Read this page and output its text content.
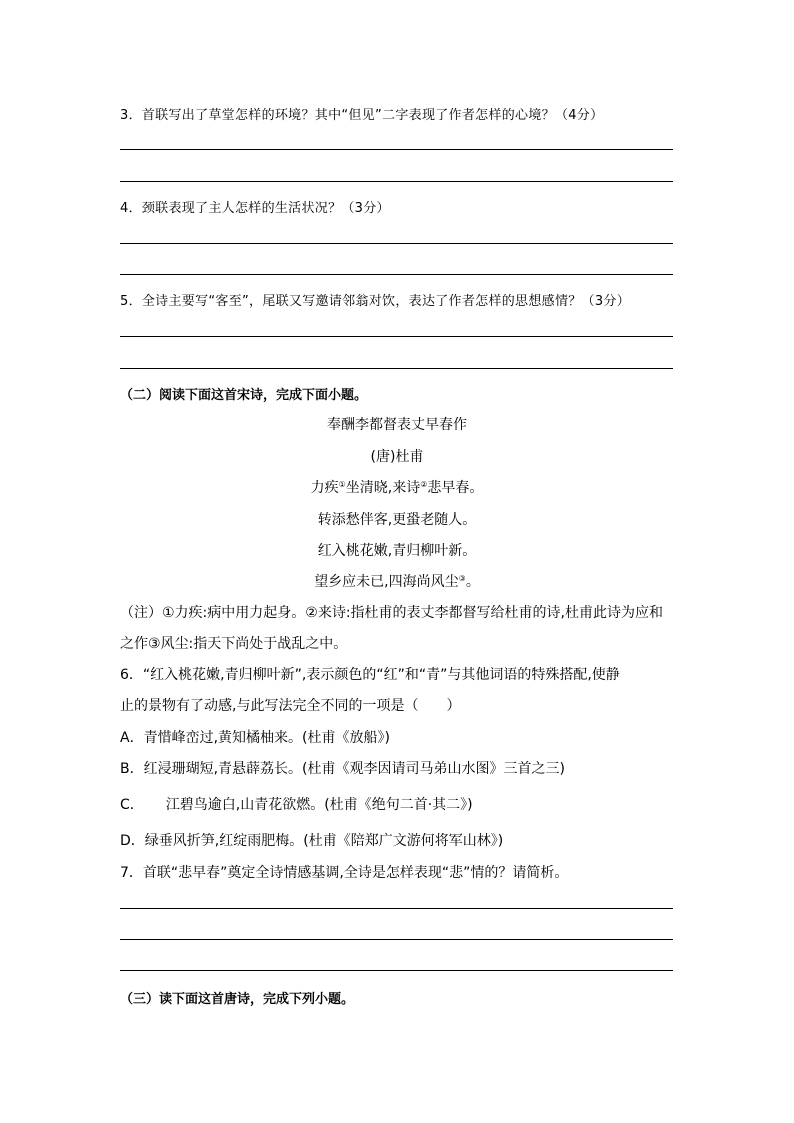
3．首联写出了草堂怎样的环境？其中“但见”二字表现了作者怎样的心境？（4分）
4．颈联表现了主人怎样的生活状况？（3分）
5．全诗主要写“客至”，尾联又写邀请邻翁对饮，表达了作者怎样的思想感情？（3分）
（二）阅读下面这首宋诗，完成下面小题。
奉酬李都督表丈早春作
(唐)杜甫
力疾①坐清晓,来诗②悲早春。
转添愁伴客,更蛩老随人。
红入桃花嫩,青归柳叶新。
望乡应未已,四海尚风尘③。
（注）①力疾:病中用力起身。②来诗:指杜甫的表丈李都督写给杜甫的诗,杜甫此诗为应和
之作③风尘:指天下尚处于战乱之中。
6．“红入桃花嫩,青归柳叶新”,表示颜色的“红”和“青”与其他词语的特殊搭配,使静
止的景物有了动感,与此写法完全不同的一项是（　　）
A．青惜峰峦过,黄知橘柚来。(杜甫《放船》)
B．红浸珊瑚短,青悬薜荔长。(杜甫《观李因请司马弟山水图》三首之三)
C． 江碧鸟逾白,山青花欲燃。(杜甫《绝句二首·其二》)
D．绿垂风折笋,红绽雨肥梅。(杜甫《陪郑广文游何将军山林》)
7．首联“悲早春”奠定全诗情感基调,全诗是怎样表现“悲”情的？请简析。
（三）读下面这首唐诗，完成下列小题。
